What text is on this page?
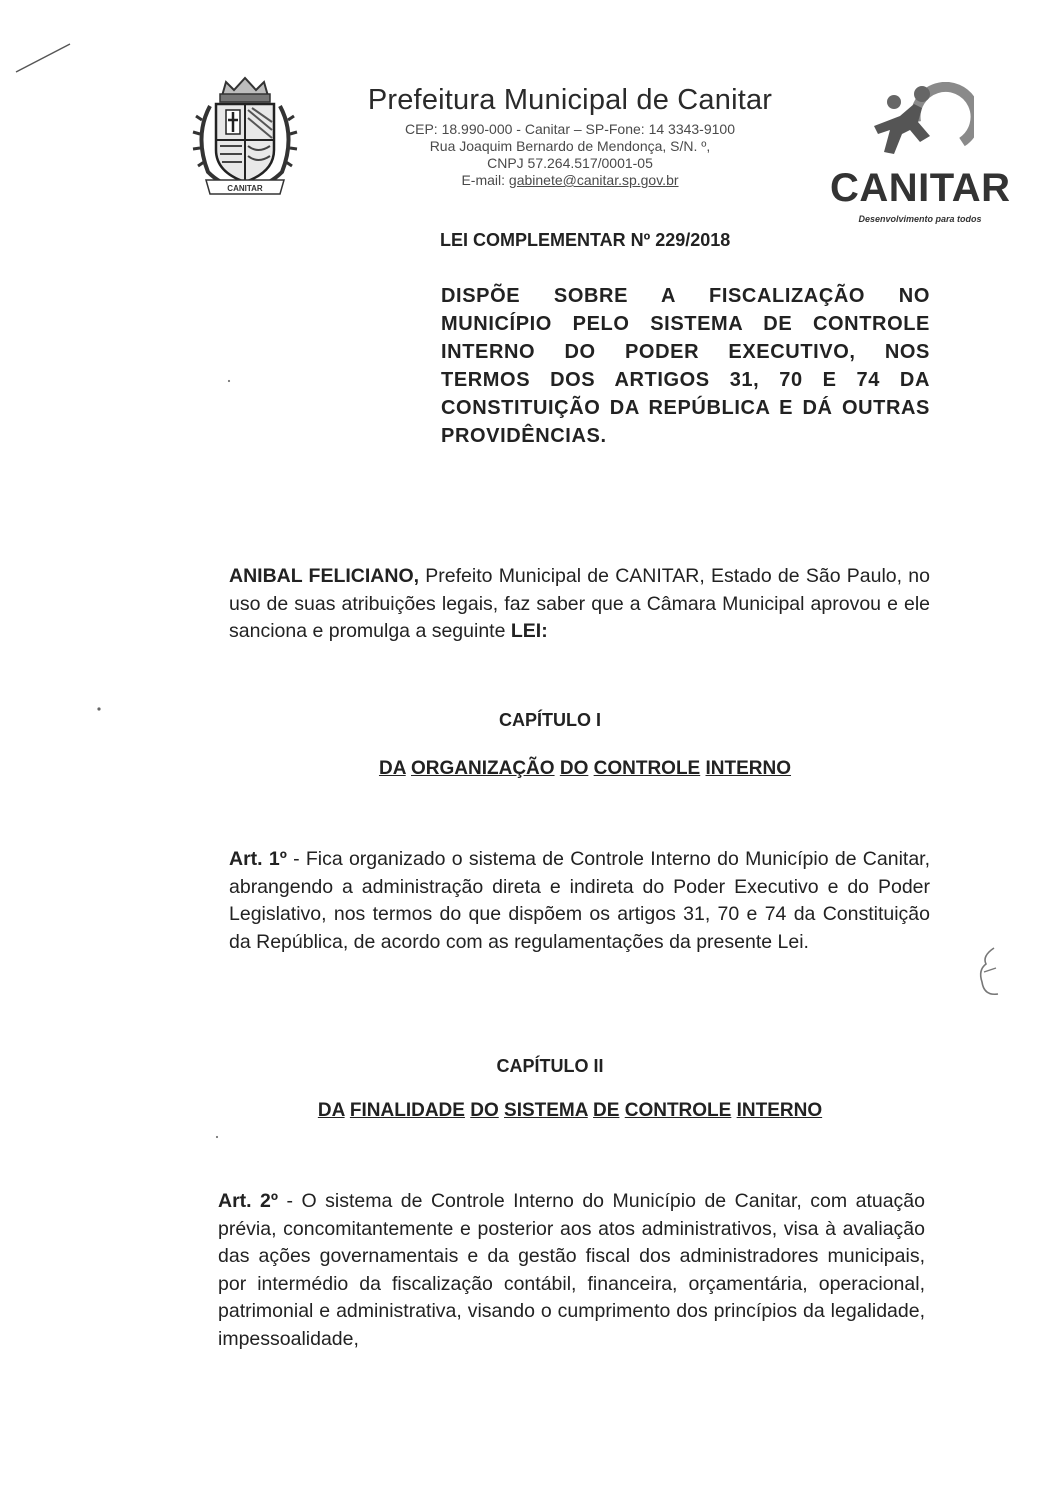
CANITAR
Prefeitura Municipal de Canitar
CEP: 18.990-000 - Canitar – SP-Fone: 14 3343-9100
Rua Joaquim Bernardo de Mendonça, S/N. º,
CNPJ 57.264.517/0001-05
E-mail: gabinete@canitar.sp.gov.br	CANITAR
Desenvolvimento para todos
LEI COMPLEMENTAR Nº 229/2018
DISPÕE SOBRE A FISCALIZAÇÃO NO MUNICÍPIO PELO SISTEMA DE CONTROLE INTERNO DO PODER EXECUTIVO, NOS TERMOS DOS ARTIGOS 31, 70 E 74 DA CONSTITUIÇÃO DA REPÚBLICA E DÁ OUTRAS PROVIDÊNCIAS.
ANIBAL FELICIANO, Prefeito Municipal de CANITAR, Estado de São Paulo, no uso de suas atribuições legais, faz saber que a Câmara Municipal aprovou e ele sanciona e promulga a seguinte LEI:
CAPÍTULO I
DA ORGANIZAÇÃO DO CONTROLE INTERNO
Art. 1º - Fica organizado o sistema de Controle Interno do Município de Canitar, abrangendo a administração direta e indireta do Poder Executivo e do Poder Legislativo, nos termos do que dispõem os artigos 31, 70 e 74 da Constituição da República, de acordo com as regulamentações da presente Lei.
CAPÍTULO II
DA FINALIDADE DO SISTEMA DE CONTROLE INTERNO
Art. 2º - O sistema de Controle Interno do Município de Canitar, com atuação prévia, concomitantemente e posterior aos atos administrativos, visa à avaliação das ações governamentais e da gestão fiscal dos administradores municipais, por intermédio da fiscalização contábil, financeira, orçamentária, operacional, patrimonial e administrativa, visando o cumprimento dos princípios da legalidade, impessoalidade,
